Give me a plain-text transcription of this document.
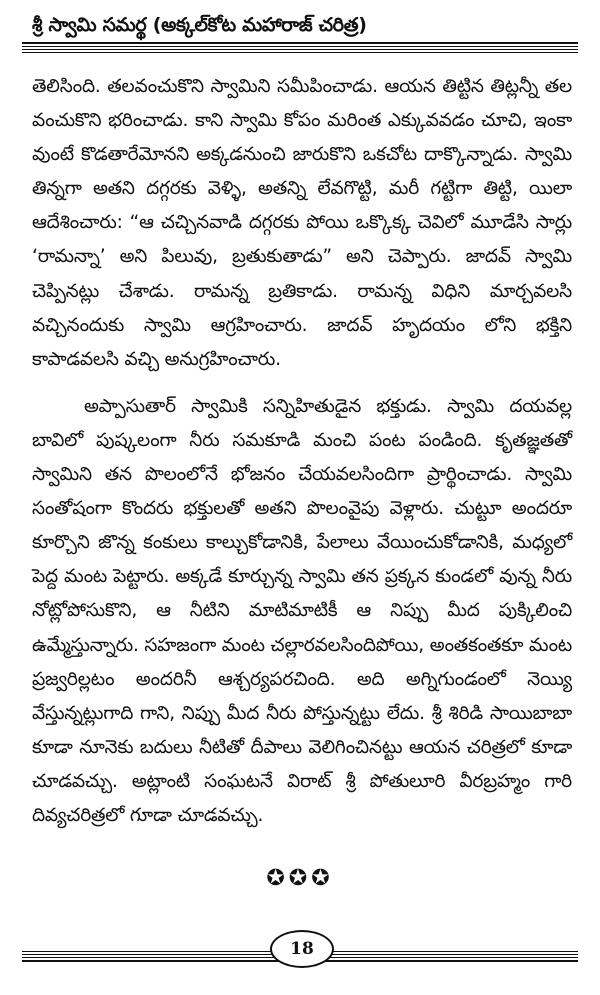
శ్రీ స్వామి సమర్థ (అక్కల్‌కోట మహారాజ్ చరిత్ర)

తెలిసింది. తలవంచుకొని స్వామిని సమీపించాడు. ఆయన తిట్టిన తిట్లన్నీ తల వంచుకొని భరించాడు. కాని స్వామి కోపం మరింత ఎక్కువవడం చూచి, ఇంకా వుంటే కొడతారేమోనని అక్కడనుంచి జారుకొని ఒకచోట దాక్కొన్నాడు. స్వామి తిన్నగా అతని దగ్గరకు వెళ్ళి, అతన్ని లేవగొట్టి, మరీ గట్టిగా తిట్టి, యిలా ఆదేశించారు: “ఆ చచ్చినవాడి దగ్గరకు పోయి ఒక్కొక్క చెవిలో మూడేసి సార్లు ‘రామన్నా’ అని పిలువు, బ్రతుకుతాడు” అని చెప్పారు. జాదవ్ స్వామి చెప్పినట్లు చేశాడు. రామన్న బ్రతికాడు. రామన్న విధిని మార్చవలసి వచ్చినందుకు స్వామి ఆగ్రహించారు. జాదవ్ హృదయం లోని భక్తిని కాపాడవలసి వచ్చి అనుగ్రహించారు.

అప్పాసుతార్ స్వామికి సన్నిహితుడైన భక్తుడు. స్వామి దయవల్ల బావిలో పుష్కలంగా నీరు సమకూడి మంచి పంట పండింది. కృతజ్ఞతతో స్వామిని తన పొలంలోనే భోజనం చేయవలసిందిగా ప్రార్థించాడు. స్వామి సంతోషంగా కొందరు భక్తులతో అతని పొలంవైపు వెళ్లారు. చుట్టూ అందరూ కూర్చొని జొన్న కంకులు కాల్చుకోడానికి, పేలాలు వేయించుకోడానికి, మధ్యలో పెద్ద మంట పెట్టారు. అక్కడే కూర్చున్న స్వామి తన ప్రక్కన కుండలో వున్న నీరు నోట్లోపోసుకొని, ఆ నీటిని మాటిమాటికీ ఆ నిప్పు మీద పుక్కిలించి ఉమ్మేస్తున్నారు. సహజంగా మంట చల్లారవలసిందిపోయి, అంతకంతకూ మంట ప్రజ్వరిల్లటం అందరినీ ఆశ్చర్యపరచింది. అది అగ్నిగుండంలో నెయ్యి వేస్తున్నట్లుగాది గాని, నిప్పు మీద నీరు పోస్తున్నట్టు లేదు. శ్రీ శిరిడి సాయిబాబా కూడా నూనెకు బదులు నీటితో దీపాలు వెలిగించినట్టు ఆయన చరిత్రలో కూడా చూడవచ్చు. అట్లాంటి సంఘటనే విరాట్ శ్రీ పోతులూరి వీరబ్రహ్మం గారి దివ్యచరిత్రలో గూడా చూడవచ్చు.

✪✪✪
18
